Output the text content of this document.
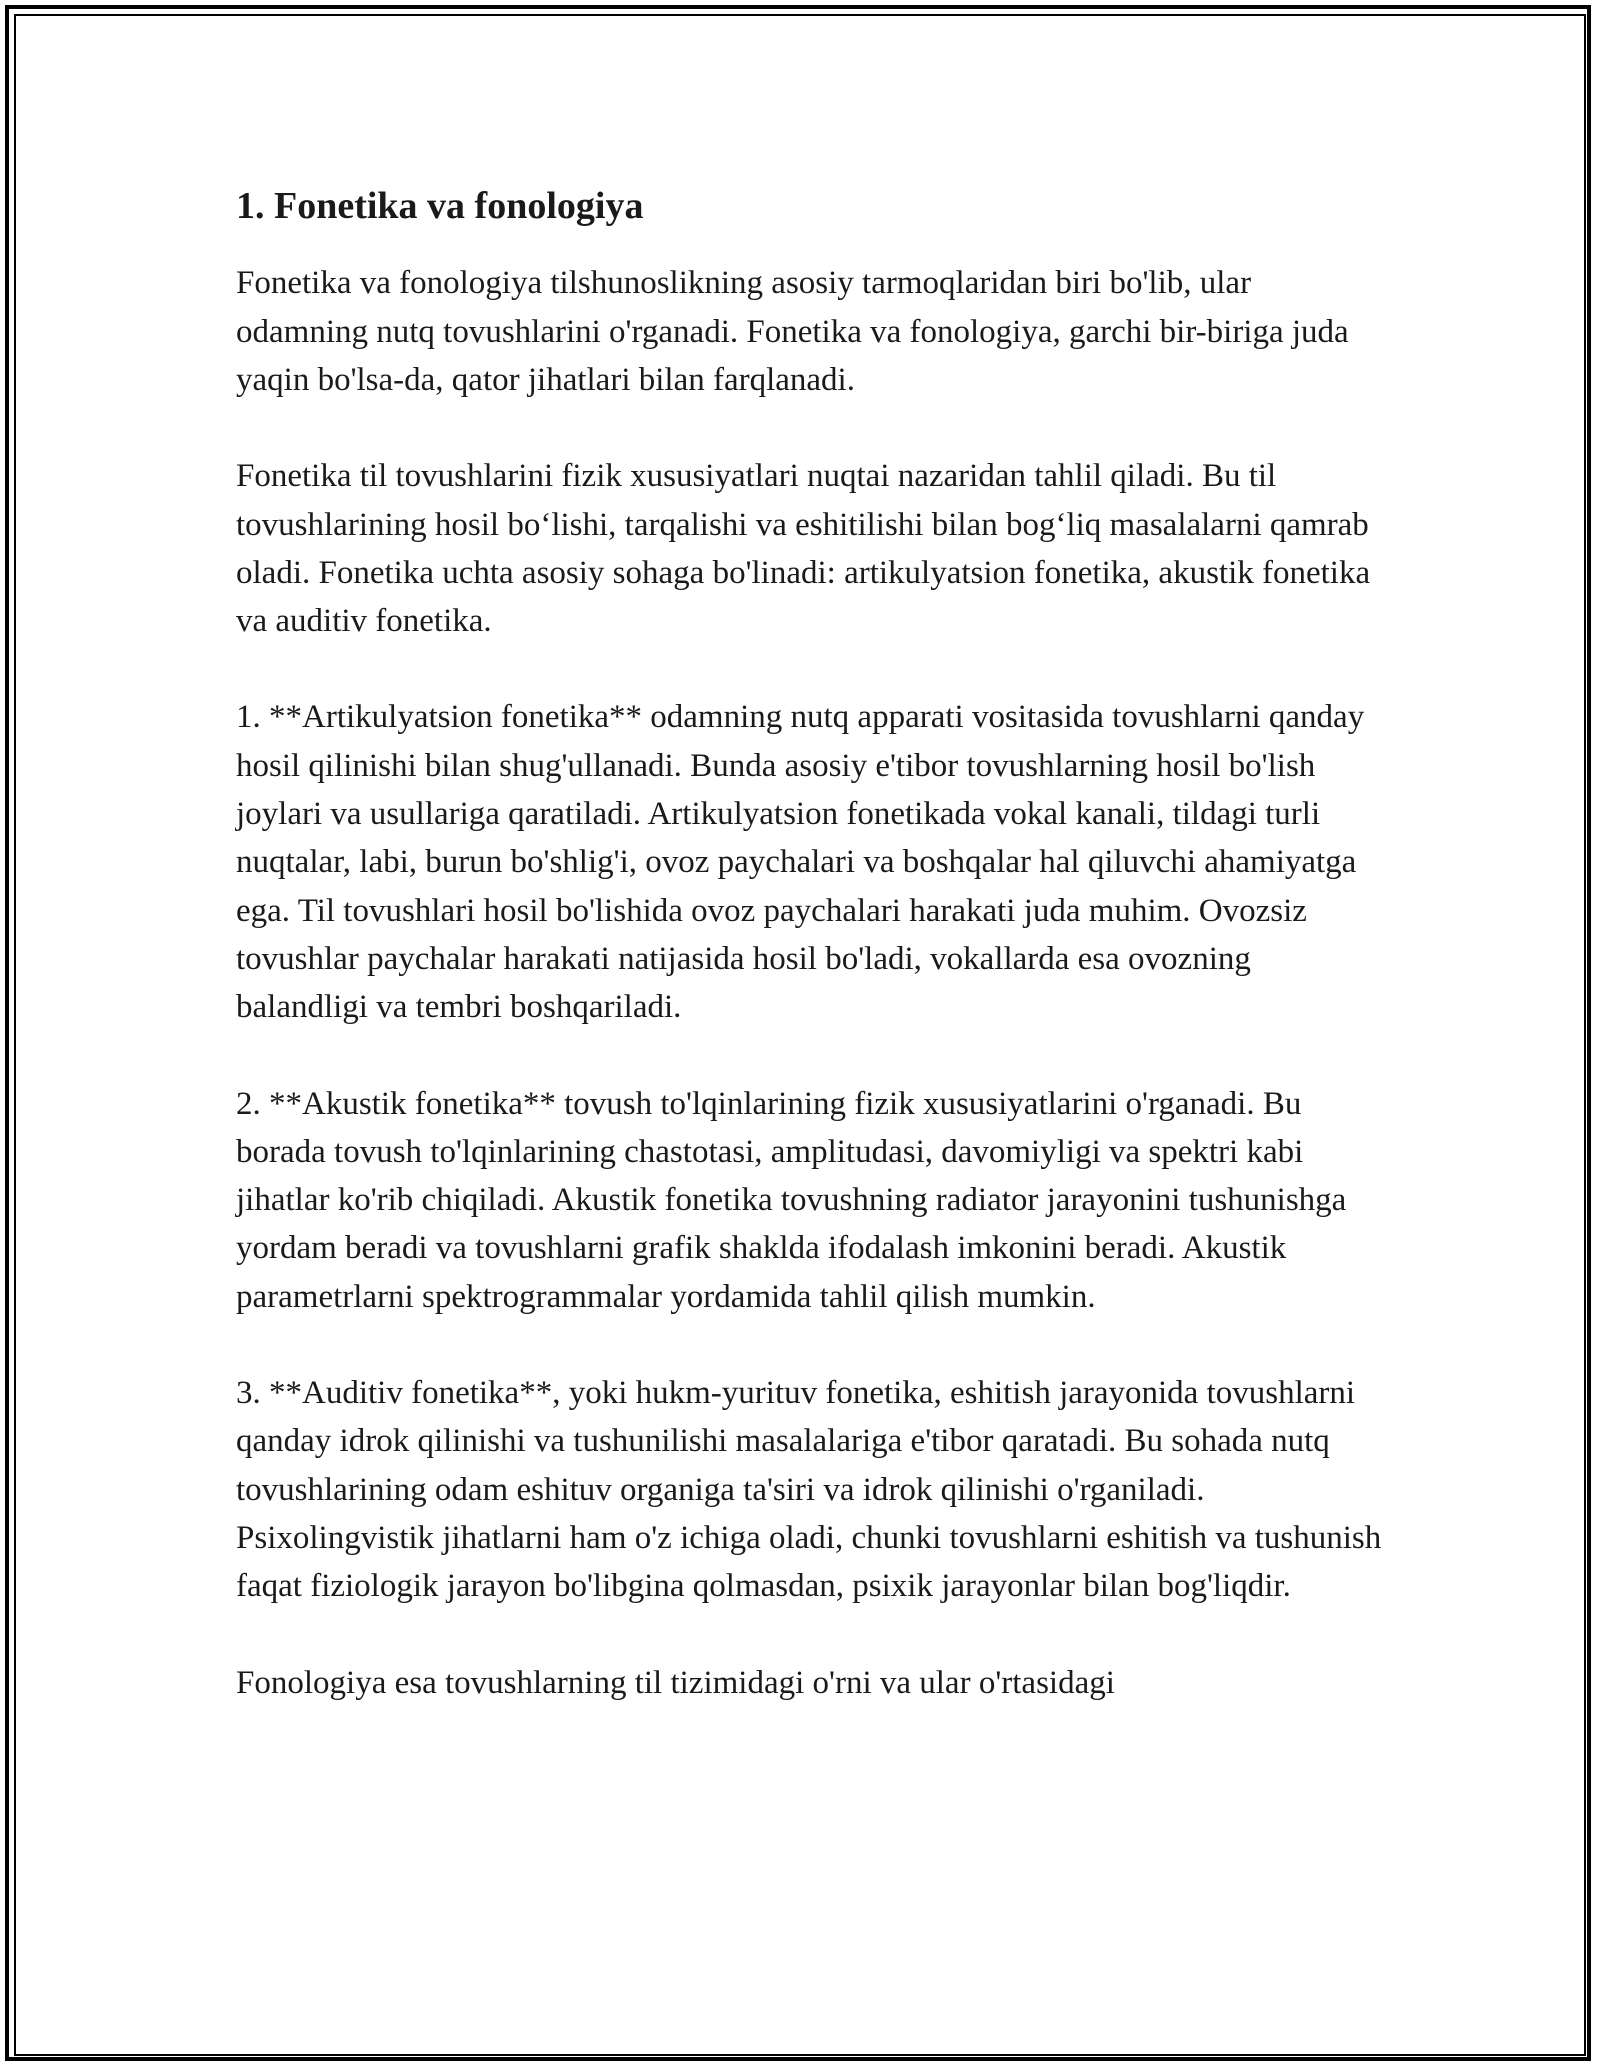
1. Fonetika va fonologiya

Fonetika va fonologiya tilshunoslikning asosiy tarmoqlaridan biri bo'lib, ular odamning nutq tovushlarini o'rganadi. Fonetika va fonologiya, garchi bir-biriga juda yaqin bo'lsa-da, qator jihatlari bilan farqlanadi.

Fonetika til tovushlarini fizik xususiyatlari nuqtai nazaridan tahlil qiladi. Bu til tovushlarining hosil bo‘lishi, tarqalishi va eshitilishi bilan bog‘liq masalalarni qamrab oladi. Fonetika uchta asosiy sohaga bo'linadi: artikulyatsion fonetika, akustik fonetika va auditiv fonetika.

1. **Artikulyatsion fonetika** odamning nutq apparati vositasida tovushlarni qanday hosil qilinishi bilan shug'ullanadi. Bunda asosiy e'tibor tovushlarning hosil bo'lish joylari va usullariga qaratiladi. Artikulyatsion fonetikada vokal kanali, tildagi turli nuqtalar, labi, burun bo'shlig'i, ovoz paychalari va boshqalar hal qiluvchi ahamiyatga ega. Til tovushlari hosil bo'lishida ovoz paychalari harakati juda muhim. Ovozsiz tovushlar paychalar harakati natijasida hosil bo'ladi, vokallarda esa ovozning balandligi va tembri boshqariladi.

2. **Akustik fonetika** tovush to'lqinlarining fizik xususiyatlarini o'rganadi. Bu borada tovush to'lqinlarining chastotasi, amplitudasi, davomiyligi va spektri kabi jihatlar ko'rib chiqiladi. Akustik fonetika tovushning radiator jarayonini tushunishga yordam beradi va tovushlarni grafik shaklda ifodalash imkonini beradi. Akustik parametrlarni spektrogrammalar yordamida tahlil qilish mumkin.

3. **Auditiv fonetika**, yoki hukm-yurituv fonetika, eshitish jarayonida tovushlarni qanday idrok qilinishi va tushunilishi masalalariga e'tibor qaratadi. Bu sohada nutq tovushlarining odam eshituv organiga ta'siri va idrok qilinishi o'rganiladi. Psixolingvistik jihatlarni ham o'z ichiga oladi, chunki tovushlarni eshitish va tushunish faqat fiziologik jarayon bo'libgina qolmasdan, psixik jarayonlar bilan bog'liqdir.

Fonologiya esa tovushlarning til tizimidagi o'rni va ular o'rtasidagi
